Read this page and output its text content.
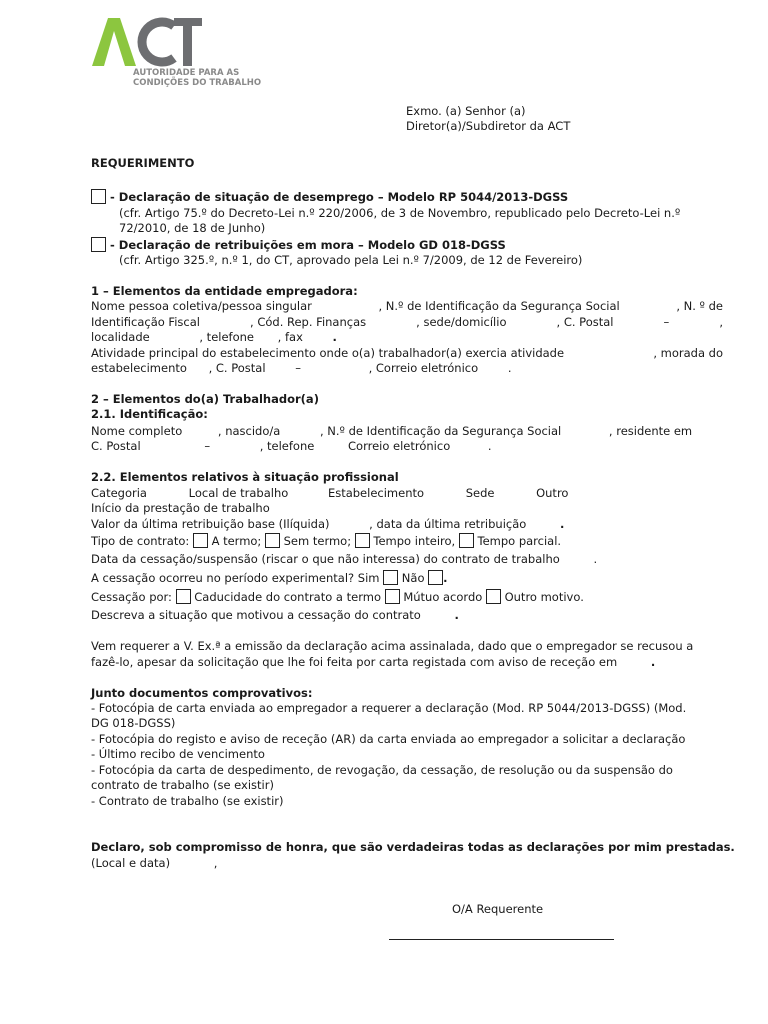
AUTORIDADE PARA AS
CONDIÇÕES DO TRABALHO
Exmo. (a) Senhor (a)
Diretor(a)/Subdiretor da ACT
REQUERIMENTO
- Declaração de situação de desemprego – Modelo RP 5044/2013-DGSS
(cfr. Artigo 75.º do Decreto-Lei n.º 220/2006, de 3 de Novembro, republicado pelo Decreto-Lei n.º
72/2010, de 18 de Junho)
- Declaração de retribuições em mora – Modelo GD 018-DGSS
(cfr. Artigo 325.º, n.º 1, do CT, aprovado pela Lei n.º 7/2009, de 12 de Fevereiro)
1 – Elementos da entidade empregadora:
Nome pessoa coletiva/pessoa singular	, N.º de Identificação da Segurança Social	, N. º de
Identificação Fiscal	, Cód. Rep. Finanças	, sede/domicílio	, C. Postal	–	,
localidade	, telefone , fax	.
Atividade principal do estabelecimento onde o(a) trabalhador(a) exercia atividade	, morada do
estabelecimento , C. Postal	–	, Correio eletrónico	.
2 – Elementos do(a) Trabalhador(a)
2.1. Identificação:
Nome completo	, nascido/a	, N.º de Identificação da Segurança Social	, residente em
C. Postal	–	, telefone	Correio eletrónico	.
2.2. Elementos relativos à situação profissional
Categoria	Local de trabalho	Estabelecimento	Sede	Outro
Início da prestação de trabalho
Valor da última retribuição base (Ilíquida)	, data da última retribuição	.
Tipo de contrato: A termo; Sem termo; Tempo inteiro, Tempo parcial.
Data da cessação/suspensão (riscar o que não interessa) do contrato de trabalho	.
A cessação ocorreu no período experimental? Sim Não .
Cessação por: Caducidade do contrato a termo Mútuo acordo Outro motivo.
Descreva a situação que motivou a cessação do contrato	.
Vem requerer a V. Ex.ª a emissão da declaração acima assinalada, dado que o empregador se recusou a
fazê-lo, apesar da solicitação que lhe foi feita por carta registada com aviso de receção em	.
Junto documentos comprovativos:
- Fotocópia de carta enviada ao empregador a requerer a declaração (Mod. RP 5044/2013-DGSS) (Mod.
DG 018-DGSS)
- Fotocópia do registo e aviso de receção (AR) da carta enviada ao empregador a solicitar a declaração
- Último recibo de vencimento
- Fotocópia da carta de despedimento, de revogação, da cessação, de resolução ou da suspensão do
contrato de trabalho (se existir)
- Contrato de trabalho (se existir)
Declaro, sob compromisso de honra, que são verdadeiras todas as declarações por mim prestadas.
(Local e data)	,
O/A Requerente
